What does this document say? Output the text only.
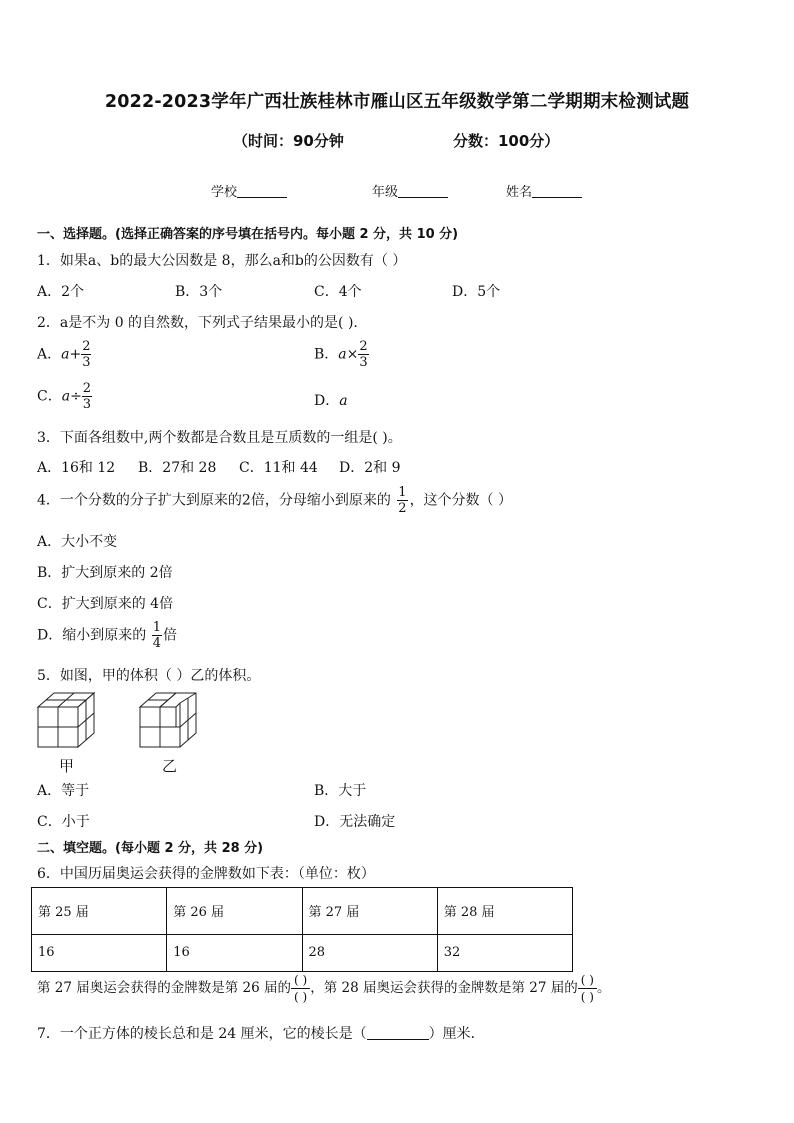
2022-2023学年广西壮族桂林市雁山区五年级数学第二学期期末检测试题
（时间：90分钟	分数：100分）
学校	年级	姓名
一、选择题。(选择正确答案的序号填在括号内。每小题 2 分，共 10 分)
1．如果a、b的最大公因数是 8，那么a和b的公因数有（ ）
A．2个	B．3个	C．4个	D．5个
2．a是不为 0 的自然数，下列式子结果最小的是( ).
A．$a+ \frac{2}{3}$	B．$a\times \frac{2}{3}$
C．$a\div \frac{2}{3}$	D．a
3．下面各组数中,两个数都是合数且是互质数的一组是( )。
A．16和 12 B．27和 28 C．11和 44 D．2和 9
4．一个分数的分子扩大到原来的2倍，分母缩小到原来的 $\frac{1}{2}$ ，这个分数（ ）
A．大小不变
B．扩大到原来的 2倍
C．扩大到原来的 4倍
D．缩小到原来的 $\frac{1}{4}$ 倍
5．如图，甲的体积（ ）乙的体积。
甲	乙
A．等于	B．大于
C．小于	D．无法确定
二、填空题。(每小题 2 分，共 28 分)
6．中国历届奥运会获得的金牌数如下表：（单位：枚）
第 25 届	第 26 届	第 27 届	第 28 届
16	16	28	32
第 27 届奥运会获得的金牌数是第 26 届的 ( )
( )
，第 28 届奥运会获得的金牌数是第 27 届的 ( )
( )
。
7．一个正方体的棱长总和是 24 厘米，它的棱长是（	）厘米．
